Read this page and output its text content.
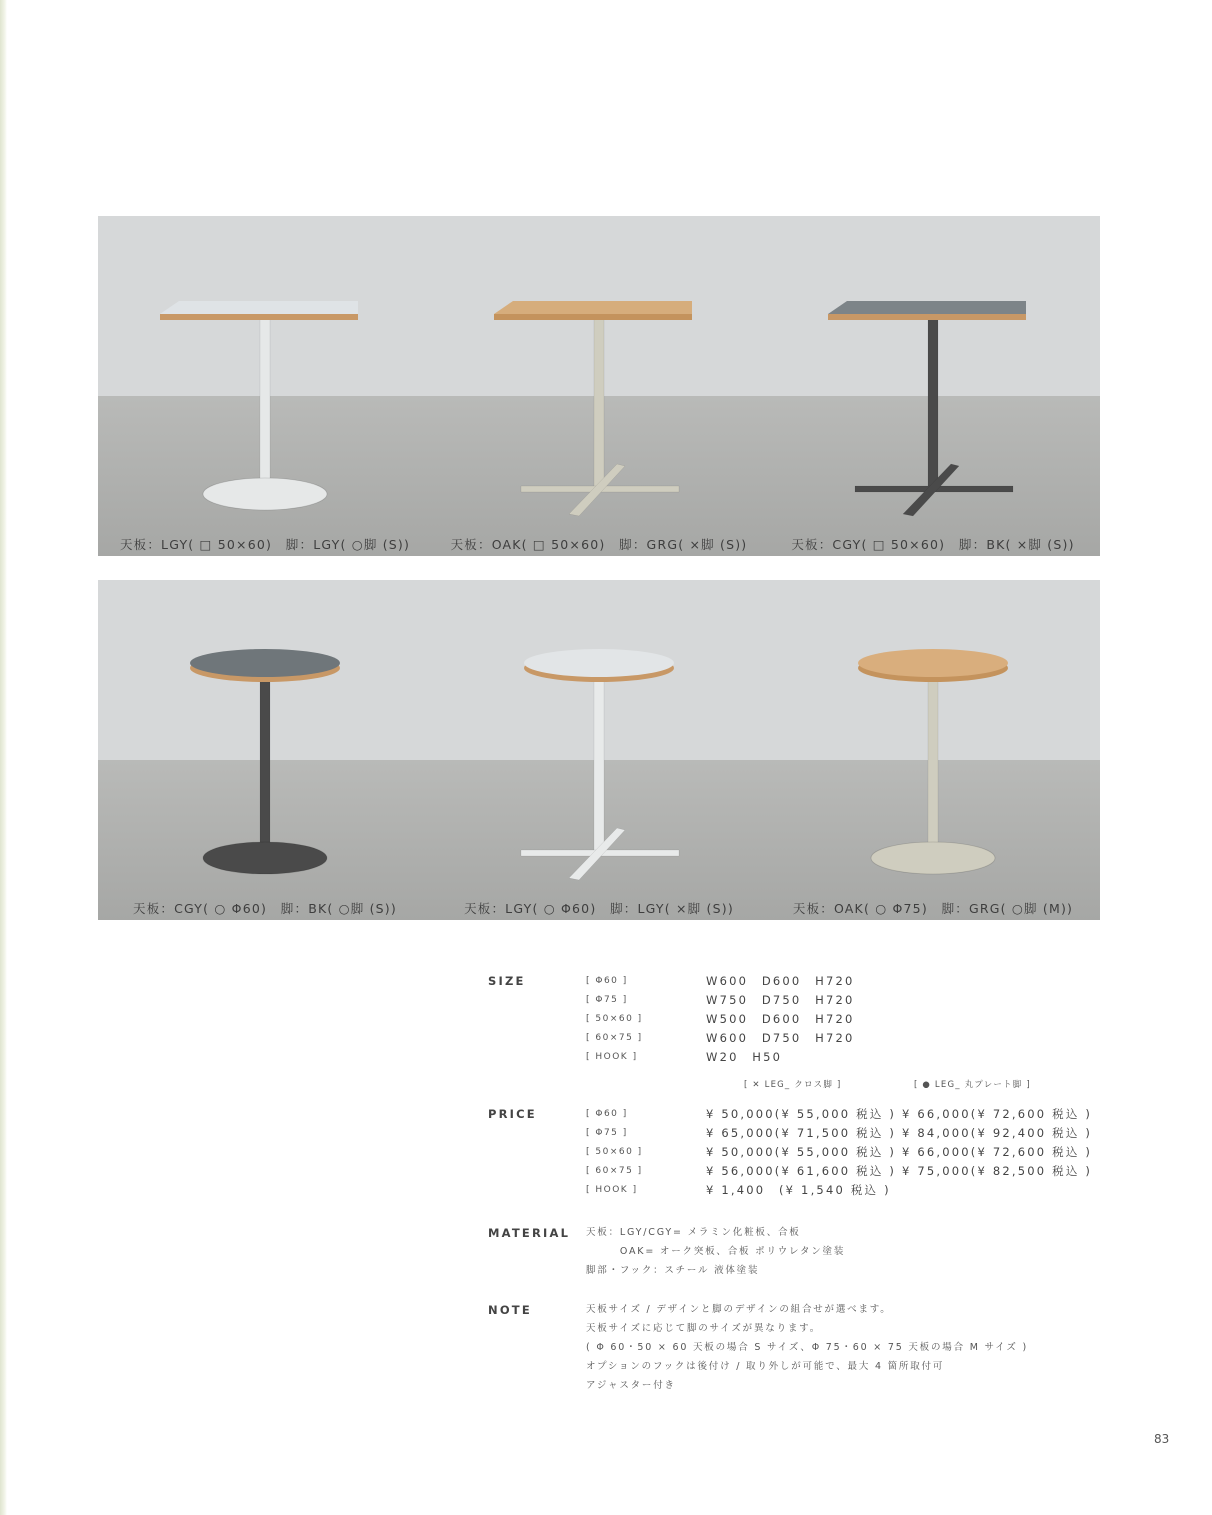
天板：LGY( □ 50×60)　脚：LGY( ○脚 (S))	天板：OAK( □ 50×60)　脚：GRG( ×脚 (S))	天板：CGY( □ 50×60)　脚：BK( ×脚 (S))
天板：CGY( ○ Φ60)　脚：BK( ○脚 (S))	天板：LGY( ○ Φ60)　脚：LGY( ×脚 (S))	天板：OAK( ○ Φ75)　脚：GRG( ○脚 (M))
SIZE	[ Φ60 ]	W600　D600　H720
[ Φ75 ]	W750　D750　H720
[ 50×60 ]	W500　D600　H720
[ 60×75 ]	W600　D750　H720
[ HOOK ]	W20　H50
[ ✕ LEG_ クロス脚 ]	[ ● LEG_ 丸プレート脚 ]
PRICE	[ Φ60 ]	¥ 50,000(¥ 55,000 税込 ) ¥ 66,000(¥ 72,600 税込 )
[ Φ75 ]	¥ 65,000(¥ 71,500 税込 ) ¥ 84,000(¥ 92,400 税込 )
[ 50×60 ]	¥ 50,000(¥ 55,000 税込 ) ¥ 66,000(¥ 72,600 税込 )
[ 60×75 ]	¥ 56,000(¥ 61,600 税込 ) ¥ 75,000(¥ 82,500 税込 )
[ HOOK ]	¥ 1,400　(¥ 1,540 税込 )
MATERIAL 天板：LGY/CGY= メラミン化粧板、合板
　　　OAK= オーク突板、合板 ポリウレタン塗装
脚部・フック：スチール 液体塗装
NOTE	天板サイズ / デザインと脚のデザインの組合せが選べます。
天板サイズに応じて脚のサイズが異なります。
( Φ 60・50 × 60 天板の場合 S サイズ、Φ 75・60 × 75 天板の場合 M サイズ )
オプションのフックは後付け / 取り外しが可能で、最大 4 箇所取付可
アジャスター付き
83
